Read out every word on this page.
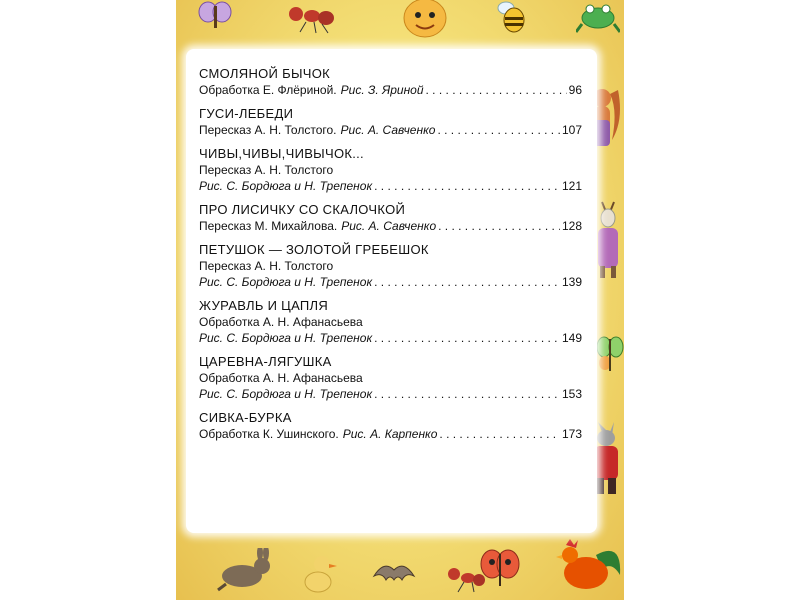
СМОЛЯНОЙ БЫЧОК
Обработка Е. Флёриной. Рис. З. Яриной . . .	96
ГУСИ-ЛЕБЕДИ
Пересказ А. Н. Толстого. Рис. А. Савченко . . .	107
ЧИВЫ,ЧИВЫ,ЧИВЫЧОК...
Пересказ А. Н. Толстого
Рис. С. Бордюга и Н. Трепенок . . .	121
ПРО ЛИСИЧКУ СО СКАЛОЧКОЙ
Пересказ М. Михайлова. Рис. А. Савченко . . .	128
ПЕТУШОК — ЗОЛОТОЙ ГРЕБЕШОК
Пересказ А. Н. Толстого
Рис. С. Бордюга и Н. Трепенок . . .	139
ЖУРАВЛЬ И ЦАПЛЯ
Обработка А. Н. Афанасьева
Рис. С. Бордюга и Н. Трепенок . . .	149
ЦАРЕВНА-ЛЯГУШКА
Обработка А. Н. Афанасьева
Рис. С. Бордюга и Н. Трепенок . . .	153
СИВКА-БУРКА
Обработка К. Ушинского. Рис. А. Карпенко . . .	173
